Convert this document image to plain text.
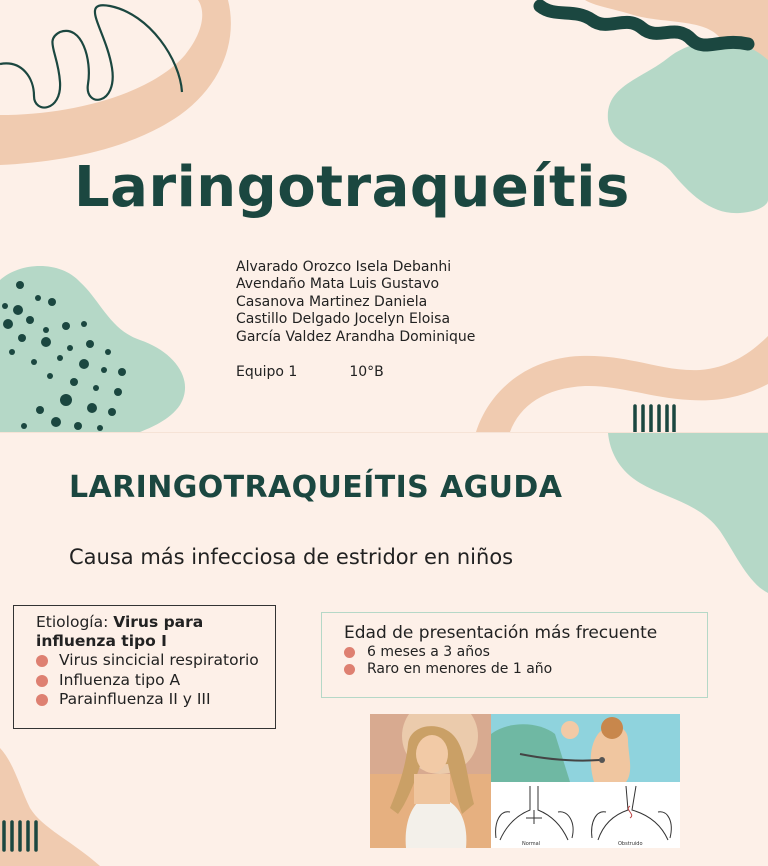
Laringotraqueítis
Alvarado Orozco Isela Debanhi
Avendaño Mata Luis Gustavo
Casanova Martinez Daniela
Castillo Delgado Jocelyn Eloisa
García Valdez Arandha Dominique
Equipo 1	10°B
LARINGOTRAQUEÍTIS AGUDA
Causa más infecciosa de estridor en niños
Etiología: Virus para influenza tipo I
Virus sincicial respiratorio
Influenza tipo A
Parainfluenza II y III
Edad de presentación más frecuente
6 meses a 3 años
Raro en menores de 1 año
Normal	Obstruido
